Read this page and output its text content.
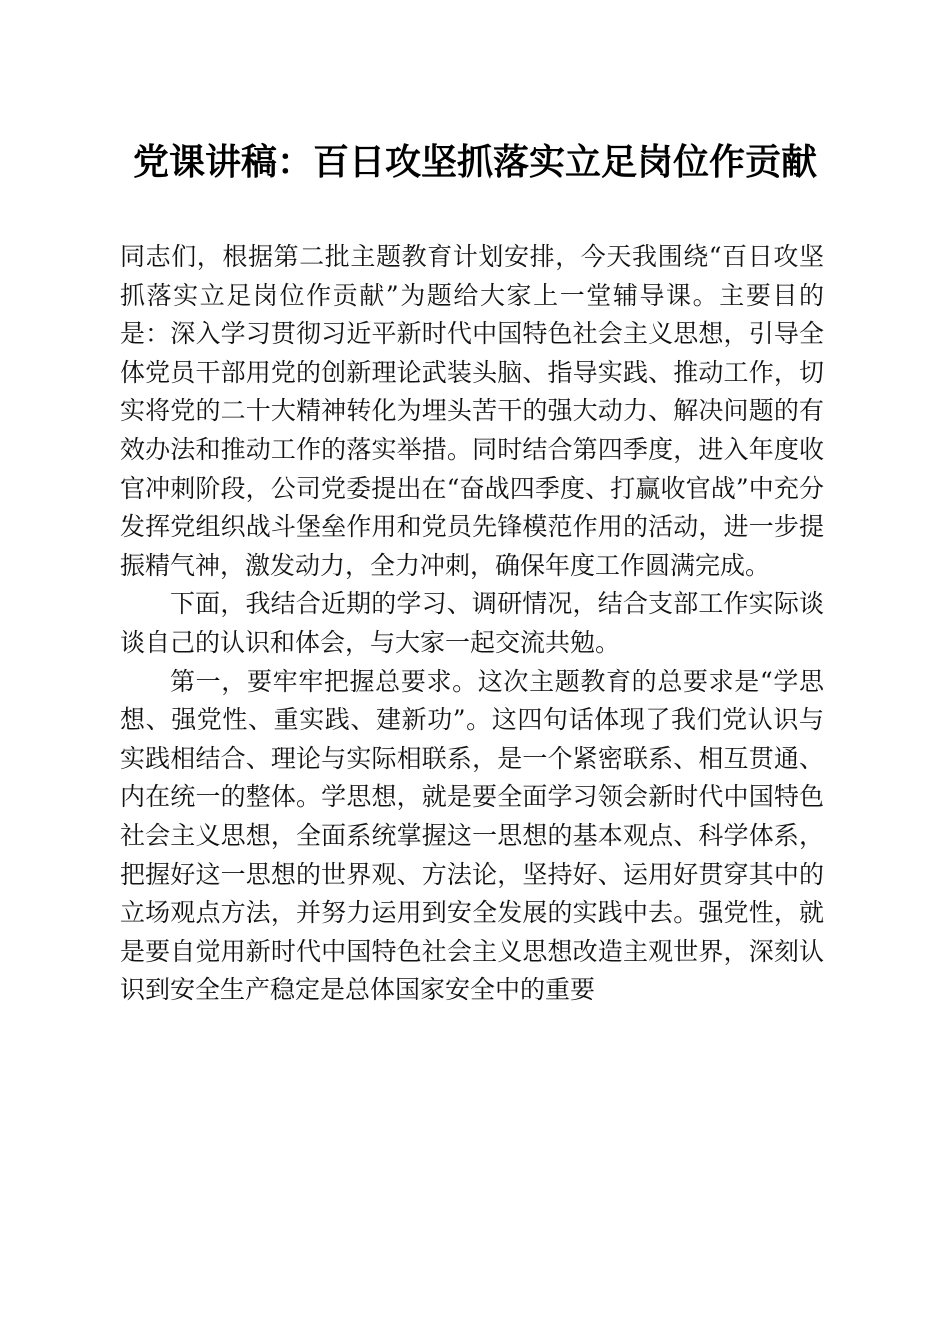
党课讲稿：百日攻坚抓落实立足岗位作贡献

同志们，根据第二批主题教育计划安排，今天我围绕“百日攻坚抓落实立足岗位作贡献”为题给大家上一堂辅导课。主要目的是：深入学习贯彻习近平新时代中国特色社会主义思想，引导全体党员干部用党的创新理论武装头脑、指导实践、推动工作，切实将党的二十大精神转化为埋头苦干的强大动力、解决问题的有效办法和推动工作的落实举措。同时结合第四季度，进入年度收官冲刺阶段，公司党委提出在“奋战四季度、打赢收官战”中充分发挥党组织战斗堡垒作用和党员先锋模范作用的活动，进一步提振精气神，激发动力，全力冲刺，确保年度工作圆满完成。

下面，我结合近期的学习、调研情况，结合支部工作实际谈谈自己的认识和体会，与大家一起交流共勉。

第一，要牢牢把握总要求。这次主题教育的总要求是“学思想、强党性、重实践、建新功”。这四句话体现了我们党认识与实践相结合、理论与实际相联系，是一个紧密联系、相互贯通、内在统一的整体。学思想，就是要全面学习领会新时代中国特色社会主义思想，全面系统掌握这一思想的基本观点、科学体系，把握好这一思想的世界观、方法论，坚持好、运用好贯穿其中的立场观点方法，并努力运用到安全发展的实践中去。强党性，就是要自觉用新时代中国特色社会主义思想改造主观世界，深刻认识到安全生产稳定是总体国家安全中的重要
